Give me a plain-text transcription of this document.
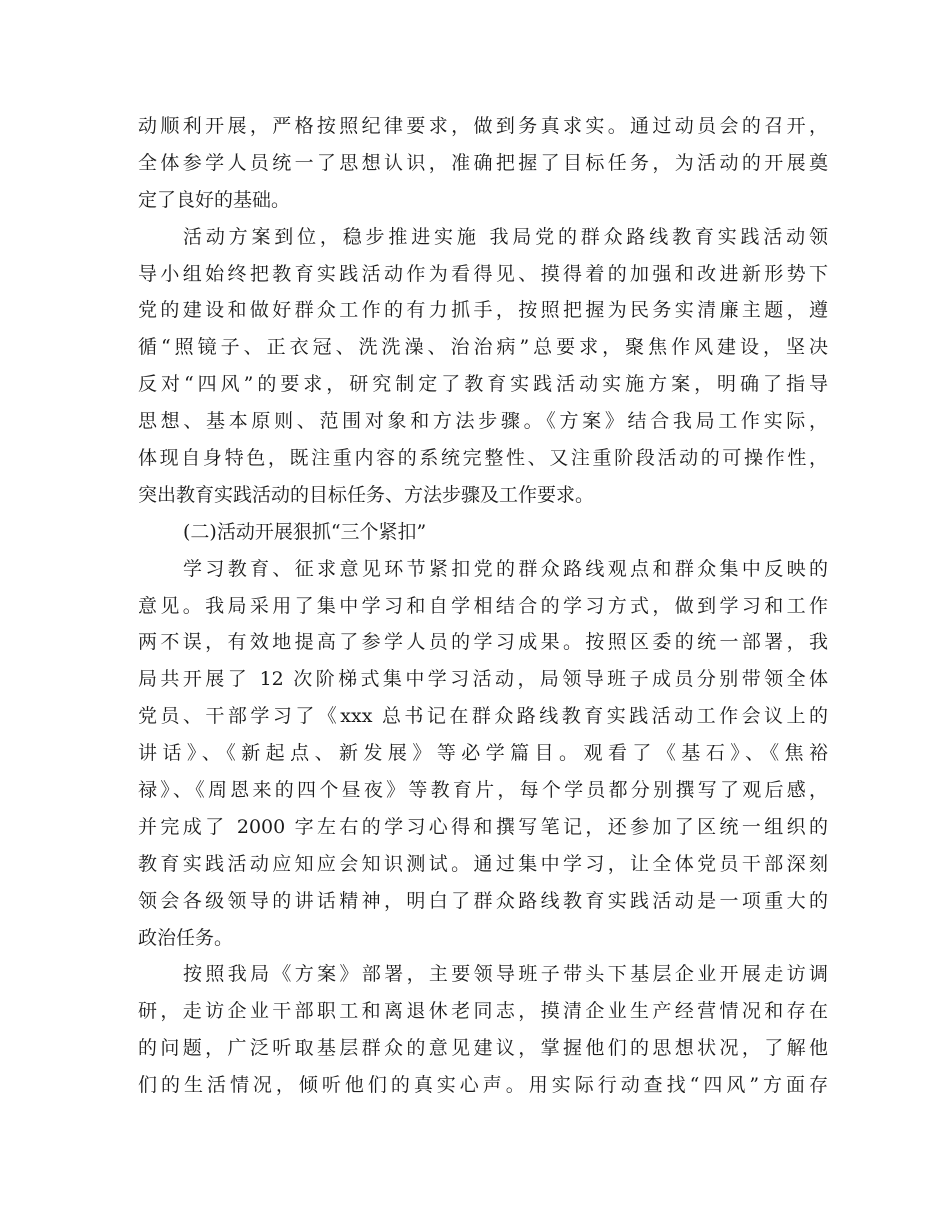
动顺利开展，严格按照纪律要求，做到务真求实。通过动员会的召开，
全体参学人员统一了思想认识，准确把握了目标任务，为活动的开展奠
定了良好的基础。
活动方案到位，稳步推进实施 我局党的群众路线教育实践活动领
导小组始终把教育实践活动作为看得见、摸得着的加强和改进新形势下
党的建设和做好群众工作的有力抓手，按照把握为民务实清廉主题，遵
循“照镜子、正衣冠、洗洗澡、治治病”总要求，聚焦作风建设，坚决
反对“四风”的要求，研究制定了教育实践活动实施方案，明确了指导
思想、基本原则、范围对象和方法步骤。《方案》结合我局工作实际，
体现自身特色，既注重内容的系统完整性、又注重阶段活动的可操作性，
突出教育实践活动的目标任务、方法步骤及工作要求。
(二)活动开展狠抓“三个紧扣”
学习教育、征求意见环节紧扣党的群众路线观点和群众集中反映的
意见。我局采用了集中学习和自学相结合的学习方式，做到学习和工作
两不误，有效地提高了参学人员的学习成果。按照区委的统一部署，我
局共开展了 12 次阶梯式集中学习活动，局领导班子成员分别带领全体
党员、干部学习了《xxx 总书记在群众路线教育实践活动工作会议上的
讲话》、《新起点、新发展》等必学篇目。观看了《基石》、《焦裕
禄》、《周恩来的四个昼夜》等教育片，每个学员都分别撰写了观后感，
并完成了 2000 字左右的学习心得和撰写笔记，还参加了区统一组织的
教育实践活动应知应会知识测试。通过集中学习，让全体党员干部深刻
领会各级领导的讲话精神，明白了群众路线教育实践活动是一项重大的
政治任务。
按照我局《方案》部署，主要领导班子带头下基层企业开展走访调
研，走访企业干部职工和离退休老同志，摸清企业生产经营情况和存在
的问题，广泛听取基层群众的意见建议，掌握他们的思想状况，了解他
们的生活情况，倾听他们的真实心声。用实际行动查找“四风”方面存
